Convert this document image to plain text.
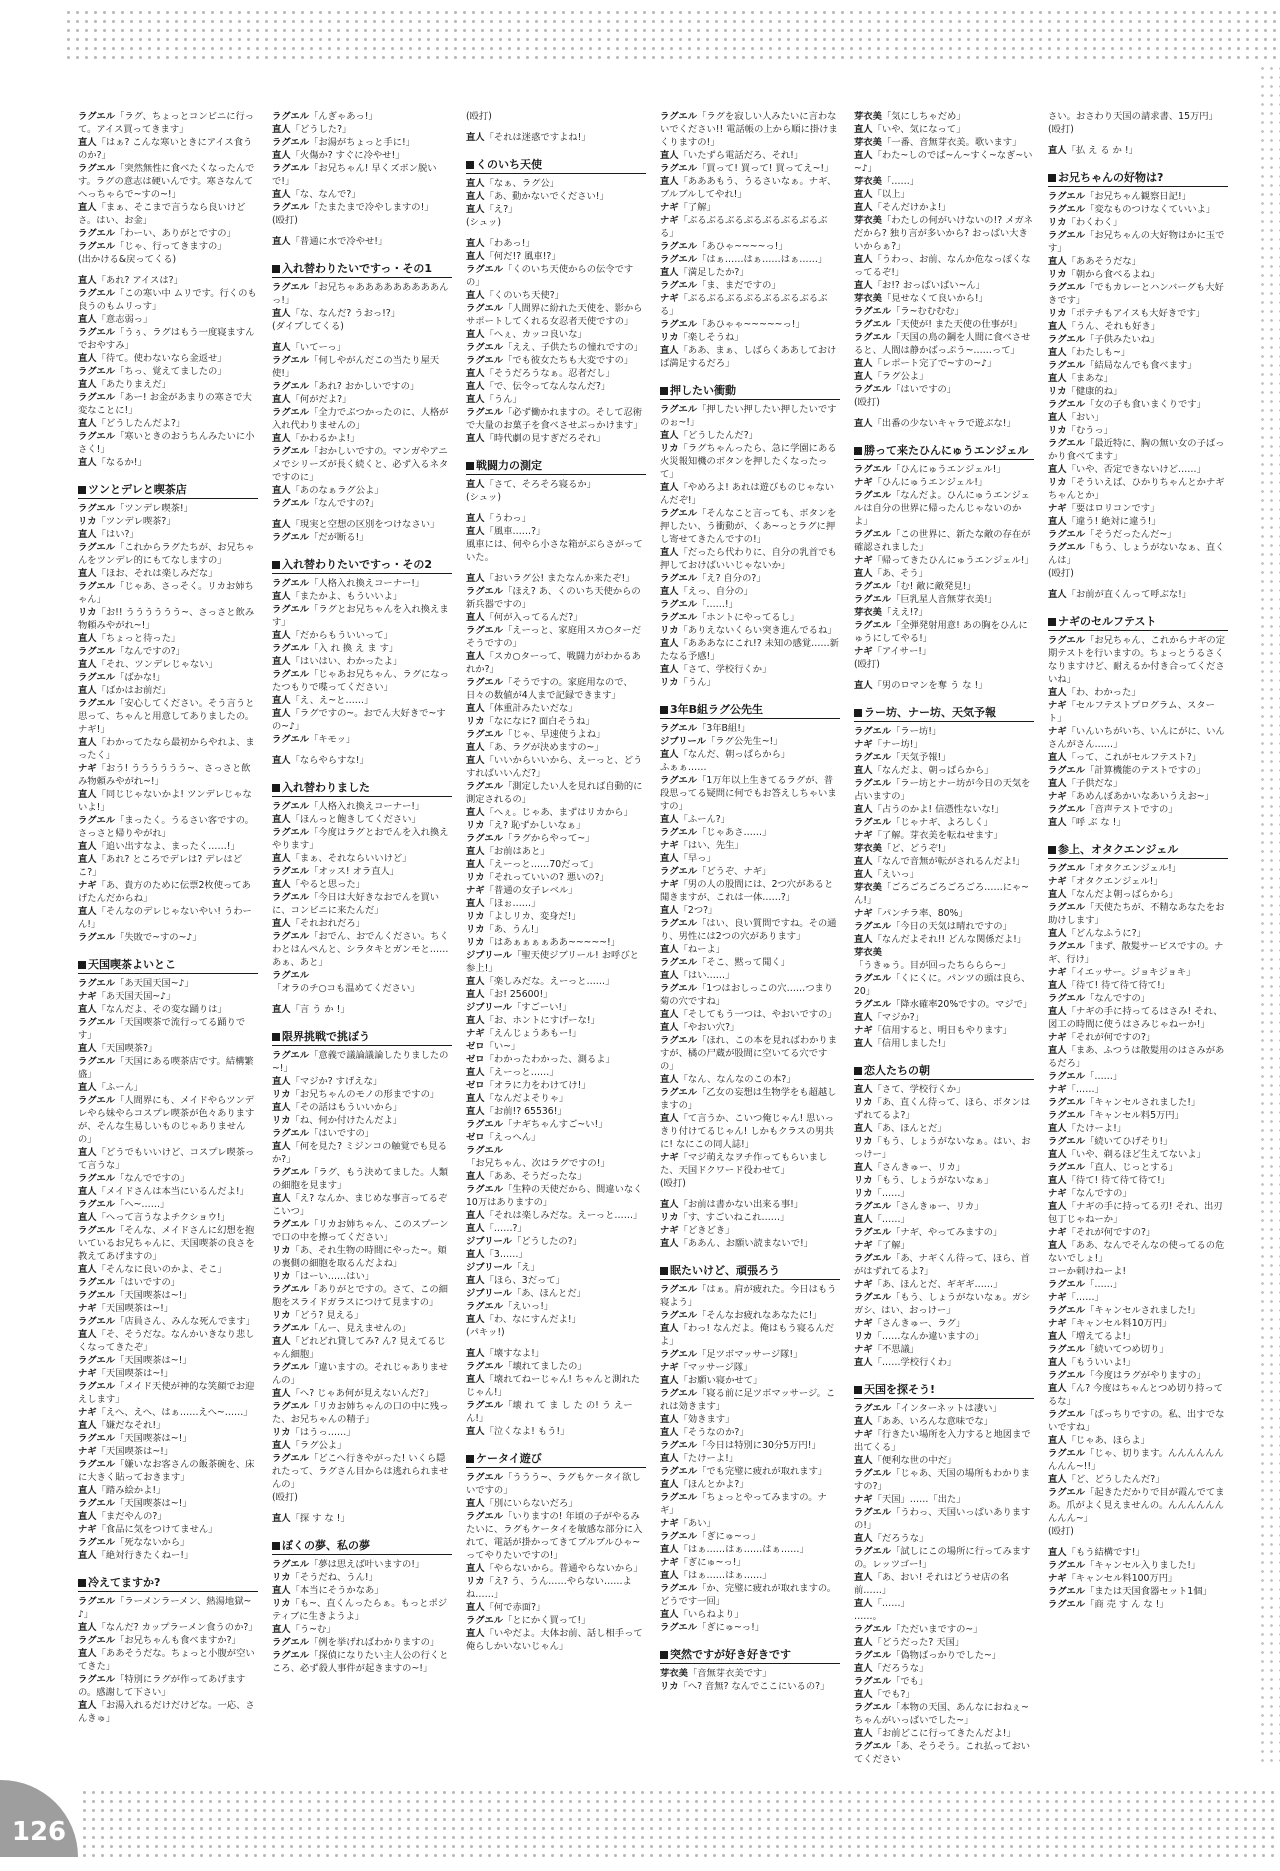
ラグエル「ラグ、ちょっとコンビニに行って。アイス買ってきます」

直人「はぁ? こんな寒いときにアイス食うのか?」

ラグエル「突然無性に食べたくなったんです。ラグの意志は硬いんです。寒さなんてへっちゃらで~すの~!」

直人「まぁ、そこまで言うなら良いけどさ。はい、お金」

ラグエル「わーい、ありがとですの」

ラグエル「じゃ、行ってきますの」

(出かける&戻ってくる)

直人「あれ? アイスは?」

ラグエル「この寒い中 ムリです。行くのも良うのもムリっす」

直人「意志弱っ」

ラグエル「うぅ、ラグはもう一度寝ますんでおやすみ」

直人「待て。使わないなら金返せ」

ラグエル「ちっ、覚えてましたの」

直人「あたりまえだ」

ラグエル「あー! お金があまりの寒さで大変なことに!」

直人「どうしたんだよ?」

ラグエル「寒いときのおうちんみたいに小さく!」

直人「なるか!」

ツンとデレと喫茶店

ラグエル「ツンデレ喫茶!」

リカ「ツンデレ喫茶?」

直人「はい?」

ラグエル「これからラグたちが、お兄ちゃんをツンデレ的にもてなしますの」

直人「ほお、それは楽しみだな」

ラグエル「じゃあ、さっそく。リカお姉ちゃん」

リカ「お!! うううううう~、さっさと飲み物頼みやがれ~!」

直人「ちょっと待った」

ラグエル「なんですの?」

直人「それ、ツンデレじゃない」

ラグエル「ばかな!」

直人「ばかはお前だ」

ラグエル「安心してください。そう言うと思って、ちゃんと用意してありましたの。ナギ!」

直人「わかってたなら最初からやれよ、まったく」

ナギ「おう! うううううう~、さっさと飲み物頼みやがれ~!」

直人「同じじゃないかよ! ツンデレじゃないよ!」

ラグエル「まったく。うるさい客ですの。さっさと帰りやがれ」

直人「追い出すなよ、まったく……!」

直人「あれ? ところでデレは? デレはどこ?」

ナギ「あ、貴方のために伝票2枚使ってあげたんだからね」

直人「そんなのデレじゃないやい! うわーん!」

ラグエル「失敗で~すの~♪」

天国喫茶よいとこ

ラグエル「あ天国天国~♪」

ナギ「あ天国天国~♪」

直人「なんだよ、その変な踊りは」

ラグエル「天国喫茶で流行ってる踊りです」

直人「天国喫茶?」

ラグエル「天国にある喫茶店です。結構繁盛」

直人「ふーん」

ラグエル「人間界にも、メイドやらツンデレやら妹やらコスプレ喫茶が色々ありますが、そんな生易しいものじゃありませんの」

直人「どうでもいいけど、コスプレ喫茶って言うな」

ラグエル「なんでですの」

直人「メイドさんは本当にいるんだよ!」

ラグエル「へ~……」

直人「へって言うなよチクショウ!」

ラグエル「そんな、メイドさんに幻想を抱いているお兄ちゃんに、天国喫茶の良さを教えてあげますの」

直人「そんなに良いのかよ、そこ」

ラグエル「はいですの」

ラグエル「天国喫茶は~!」

ナギ「天国喫茶は~!」

ラグエル「店員さん、みんな死んでます」

直人「そ、そうだな。なんかいきなり悲しくなってきたぞ」

ラグエル「天国喫茶は~!」

ナギ「天国喫茶は~!」

ラグエル「メイド天使が神的な笑顔でお迎えします」

ナギ「えへ、えへ、はぁ……えへ~……」

直人「嫌だなそれ!」

ラグエル「天国喫茶は~!」

ナギ「天国喫茶は~!」

ラグエル「嫌いなお客さんの飯茶碗を、床に大きく貼っておきます」

直人「踏み絵かよ!」

ラグエル「天国喫茶は~!」

直人「まだやんの?」

ナギ「食品に気をつけてません」

ラグエル「死なないから」

直人「絶対行きたくねー!」

冷えてますか?

ラグエル「ラーメンラーメン、熱湯地獄~♪」

直人「なんだ? カップラーメン食うのか?」

ラグエル「お兄ちゃんも食べますか?」

直人「ああそうだな。ちょっと小腹が空いてきた」

ラグエル「特別にラグが作ってあげますの。感謝して下さい」

直人「お湯入れるだけだけどな。一応、さんきゅ」

ラグエル「んぎゃあっ!」

直人「どうした?」

ラグエル「お湯がちょっと手に!」

直人「火傷か? すぐに冷やせ!」

ラグエル「お兄ちゃん! 早くズボン脱いで!」

直人「な、なんで?」

ラグエル「たまたまで冷やしますの!」

(殴打)

直人「普通に水で冷やせ!」

入れ替わりたいですっ・その1

ラグエル「お兄ちゃあああああああああんっ!」

直人「な、なんだ? うおっ!?」

(ダイブしてくる)

直人「いてーっ」

ラグエル「何しやがんだこの当たり屋天使!」

ラグエル「あれ? おかしいですの」

直人「何がだよ?」

ラグエル「全力でぶつかったのに、人格が入れ代わりませんの」

直人「かわるかよ!」

ラグエル「おかしいですの。マンガやアニメでシリーズが長く続くと、必ず入るネタですのに」

直人「あのなぁラグ公よ」

ラグエル「なんですの?」

直人「現実と空想の区別をつけなさい」

ラグエル「だが断る!」

入れ替わりたいですっ・その2

ラグエル「人格入れ換えコーナー!」

直人「またかよ、もういいよ」

ラグエル「ラグとお兄ちゃんを入れ換えます」

直人「だからもういいって」

ラグエル「入 れ 換 え ま す」

直人「はいはい、わかったよ」

ラグエル「じゃあお兄ちゃん、ラグになったつもりで喋ってください」

直人「え、え~と……」

直人「ラグですの~。おでん大好きで~すの~♪」

ラグエル「キモッ」

直人「ならやらすな!」

入れ替わりました

ラグエル「人格入れ換えコーナー!」

直人「ほんっと飽きしてください」

ラグエル「今度はラグとおでんを入れ換えやります」

直人「まぁ、それならいいけど」

ラグエル「オッス! オラ直人」

直人「やると思った」

ラグエル「今日は大好きなおでんを買いに、コンビニに来たんだ」

直人「それおれだろ」

ラグエル「おでん、おでんください。ちくわとはんぺんと、シラタキとガンモと……あぁ、あと」

ラグエル「オラのチ○コも温めてください」

直人「言 う か !」

限界挑戦で挑ぼう

ラグエル「意義で議論議論したりましたの~!」

直人「マジか? すげえな」

リカ「お兄ちゃんのモノの形まですの」

直人「その話はもういいから」

リカ「ね、何か付けたんだよ」

ラグエル「はいですの」

直人「何を見た? ミジンコの触覚でも見るか?」

ラグエル「ラグ、もう決めてました。人類の細胞を見ます」

直人「え? なんか、まじめな事言ってるぞこいつ」

ラグエル「リカお姉ちゃん、このスプーンで口の中を擦ってください」

リカ「あ、それ生物の時間にやった~。頬の裏側の細胞を取るんだよね」

リカ「はーい……はい」

ラグエル「ありがとですの。さて、この細胞をスライドガラスにつけて見ますの」

リカ「どう? 見える」

ラグエル「んー、見えませんの」

直人「どれどれ貸してみ? ん? 見えてるじゃん細胞」

ラグエル「違いますの。それじゃありませんの」

直人「へ? じゃあ何が見えないんだ?」

ラグエル「リカお姉ちゃんの口の中に残った、お兄ちゃんの精子」

リカ「はうっ……」

直人「ラグ公よ」

ラグエル「どこへ行きやがった! いくら隠れたって、ラグさん目からは逃れられませんの」

(殴打)

直人「探 す な !」

ぼくの夢、私の夢

ラグエル「夢は思えば叶いますの!」

リカ「そうだね、うん!」

直人「本当にそうかなあ」

リカ「も~、直くんったらぁ。もっとポジティブに生きようよ」

直人「う~む」

ラグエル「例を挙げればわかりますの」

ラグエル「探偵になりたい主人公の行くところ、必ず殺人事件が起きますの~!」

(殴打)

直人「それは迷惑ですよね!」

くのいち天使

直人「なぁ、ラグ公」

直人「あ、動かないでください!」

直人「え?」

(シュッ)

直人「わあっ!」

直人「何だ!? 風車!?」

ラグエル「くのいち天使からの伝令ですの」

直人「くのいち天使?」

ラグエル「人間界に紛れた天使を、影からサポートしてくれる女忍者天使ですの」

直人「へぇ、カッコ良いな」

ラグエル「ええ、子供たちの憧れですの」

ラグエル「でも彼女たちも大変ですの」

直人「そうだろうなぁ。忍者だし」

直人「で、伝令ってなんなんだ?」

直人「うん」

ラグエル「必ず働かれますの。そして忍術で大量のお菓子を食べさせぶっかけます」

直人「時代劇の見すぎだろそれ」

戦闘力の測定

直人「さて、そろそろ寝るか」

(シュッ)

直人「うわっ」

直人「風車……?」

風車には、何やら小さな箱がぶらさがっていた。

直人「おいラグ公! またなんか来たぞ!」

ラグエル「ほえ? あ、くのいち天使からの新兵器ですの」

直人「何が入ってるんだ?」

ラグエル「えーっと、家庭用スカ○ターだそうですの」

直人「スカ○ターって、戦闘力がわかるあれか?」

ラグエル「そうですの。家庭用なので、日々の数値が4人まで記録できます」

直人「体重計みたいだな」

リカ「なになに? 面白そうね」

ラグエル「じゃ、早速使うよね」

直人「あ、ラグが決めますの~」

直人「いいからいいから、えーっと、どうすればいいんだ?」

ラグエル「測定したい人を見れば自動的に測定されるの」

直人「へぇ。じゃあ、まずはリカから」

リカ「え? 恥ずかしいなぁ」

ラグエル「ラグからやって~」

直人「お前はあと」

直人「えーっと……70だって」

リカ「それっていいの? 悪いの?」

ナギ「普通の女子レベル」

直人「ほぉ……」

リカ「よしリカ、変身だ!」

リカ「あ、うん!」

リカ「はあぁぁぁぁああ~~~~~!」

ジブリール「聖天使ジブリール! お呼びと参上!」

直人「楽しみだな。えーっと……」

直人「お! 25600!」

ジブリール「すごーい!」

直人「お、ホントにすげーな!」

ナギ「えんじょうあもー!」

ゼロ「い~」

ゼロ「わかったわかった、測るよ」

直人「えーっと……」

ゼロ「オラに力をわけてけ!」

直人「なんだよそりゃ」

直人「お前!? 65536!」

ラグエル「ナギちゃんすご~い!」

ゼロ「えっへん」

ラグエル「お兄ちゃん、次はラグですの!」

直人「ああ、そうだったな」

ラグエル「生粋の天使だから、間違いなく10万はありますの」

直人「それは楽しみだな。えーっと……」

直人「……?」

ジブリール「どうしたの?」

直人「3……」

ジブリール「え」

直人「ほら、3だって」

ジブリール「あ、ほんとだ」

ラグエル「えいっ!」

直人「わ、なにすんだよ!」

(パキッ!)

直人「壊すなよ!」

ラグエル「壊れてましたの」

直人「壊れてねーじゃん! ちゃんと測れたじゃん!」

ラグエル「壊 れ て ま し た の! う えーん!」

直人「泣くなよ! もう!」

ケータイ遊び

ラグエル「ううう~、ラグもケータイ欲しいですの」

直人「別にいらないだろ」

ラグエル「いりますの! 年頃の子がやるみたいに、ラグもケータイを敏感な部分に入れて、電話が掛かってきてブルブルひゃ~ってやりたいですの!」

直人「やらないから。普通やらないから」

リカ「え? う、うん……やらない……よね……」

直人「何で赤面?」

ラグエル「とにかく買って!」

直人「いやだよ。大体お前、話し相手って俺らしかいないじゃん」

ラグエル「ラグを寂しい人みたいに言わないでください!! 電話帳の上から順に掛けまくりますの!」

直人「いたずら電話だろ、それ!」

ラグエル「買って! 買って! 買ってえ~!」

直人「あああもう、うるさいなぁ。ナギ、ブルブルしてやれ!」

ナギ「了解」

ナギ「ぶるぶるぶるぶるぶるぶるぶるぶる」

ラグエル「あひゃ~~~~っ!」

ラグエル「はぁ……はぁ……はぁ……」

直人「満足したか?」

ラグエル「ま、まだですの」

ナギ「ぶるぶるぶるぶるぶるぶるぶるぶる」

ラグエル「あひゃゃ~~~~~っ!」

リカ「楽しそうね」

直人「ああ、まぁ、しばらくああしておけば満足するだろ」

押したい衝動

ラグエル「押したい押したい押したいですのぉ~!」

直人「どうしたんだ?」

リカ「ラグちゃんったら、急に学園にある火災報知機のボタンを押したくなったって」

直人「やめろよ! あれは遊びものじゃないんだぞ!」

ラグエル「そんなこと言っても、ボタンを押したい、う衝動が、くあ~っとラグに押し寄せてきたんですの!」

直人「だったら代わりに、自分の乳首でも押しておけばいいじゃないか」

ラグエル「え? 自分の?」

直人「えっ、自分の」

ラグエル「……!」

ラグエル「ホントにやってるし」

リカ「ありえないくらい突き進んでるね」

直人「あああなにこれ!? 未知の感覚……新たなる予感!」

直人「さて、学校行くか」

リカ「うん」

3年B組ラグ公先生

ラグエル「3年B組!」

ジブリール「ラグ公先生~!」

直人「なんだ、朝っぱらから」

ふぁぁ……

ラグエル「1万年以上生きてるラグが、普段思ってる疑問に何でもお答えしちゃいますの」

直人「ふーん?」

ラグエル「じゃあさ……」

ナギ「はい、先生」

直人「早っ」

ラグエル「どうぞ、ナギ」

ナギ「男の人の股間には、2つ穴があると聞きますが、これは一体……?」

直人「2つ?」

ラグエル「はい、良い質問ですね。その通り、男性には2つの穴があります」

直人「ねーよ」

ラグエル「そこ、黙って聞く」

直人「はい……」

ラグエル「1つはおしっこの穴……つまり菊の穴ですね」

直人「そしてもう一つは、やおいですの」

直人「やおい穴?」

ラグエル「ほれ、この本を見ればわかりますが、橘の尸蔵が股間に空いてる穴ですの」

直人「なん、なんなのこの本?」

ラグエル「乙女の妄想は生物学をも超越しますの」

直人「て言うか、こいつ俺じゃん! 思いっきり付けてるじゃん! しかもクラスの男共に! なにこの同人誌!」

ナギ「マジ萌えなヲチ作ってもらいました、天国ドクワード役わせて」

(殴打)

直人「お前は書かない出来る事!」

リカ「す、すごいねこれ……」

ナギ「どきどき」

直人「ああん、お願い読まないで!」

眠たいけど、頑張ろう

ラグエル「はぁ。肩が疲れた。今日はもう寝よう」

ラグエル「そんなお疲れなあなたに!」

直人「わっ! なんだよ。俺はもう寝るんだよ」

ラグエル「足ツボマッサージ隊!」

ナギ「マッサージ隊」

直人「お願い寝かせて」

ラグエル「寝る前に足ツボマッサージ。これは効きます」

直人「効きます」

直人「そうなのか?」

ラグエル「今日は特別に30分5万円!」

直人「たけーよ!」

ラグエル「でも完璧に疲れが取れます」

直人「ほんとかよ?」

ラグエル「ちょっとやってみますの。ナギ」

ナギ「あい」

ラグエル「ぎにゅ~っ」

直人「はぁ……はぁ……はぁ……」

ナギ「ぎにゅ~っ!」

直人「はぁ……はぁ……」

ラグエル「か、完璧に疲れが取れますの。どうです一回」

直人「いらねより」

ラグエル「ぎにゅ~っ!」

突然ですが好き好きです

芽衣美「音無芽衣美です」

リカ「へ? 音無? なんでここにいるの?」

芽衣美「気にしちゃだめ」

直人「いや、気になって」

芽衣美「一番、音無芽衣美。歌います」

直人「わた~しのでぱ~ん~すく~なぎ~い~♪」

芽衣美「……」

直人「以上」

直人「そんだけかよ!」

芽衣美「わたしの何がいけないの!? メガネだから? 独り言が多いから? おっぱい大きいからぁ?」

直人「うわっ、お前、なんか危なっぽくなってるぞ!」

直人「お!? おっぱいぱい~ん」

芽衣美「見せなくて良いから!」

ラグエル「ラ~むむむむ」

ラグエル「天使が! また天使の仕事が!」

ラグエル「天国の鳥の鋼を人間に食べさせると、人間は静かばっぷう~……って」

直人「レポート完了で~すの~♪」

直人「ラグ公よ」

ラグエル「はいですの」

(殴打)

直人「出番の少ないキャラで遊ぶな!」

勝って来たひんにゅうエンジェル

ラグエル「ひんにゅうエンジェル!」

ナギ「ひんにゅうエンジェル!」

ラグエル「なんだよ。ひんにゅうエンジェルは自分の世界に帰ったんじゃないのかよ」

ラグエル「この世界に、新たな敵の存在が確認されました」

ナギ「帰ってきたひんにゅうエンジェル!」

直人「あ、そう」

ラグエル「む! 敵に敵発見!」

ラグエル「巨乳星人音無芽衣美!」

芽衣美「ええ!?」

ラグエル「全弾発射用意! あの胸をひんにゅうにしてやる!」

ナギ「アイサー!」

(殴打)

直人「男のロマンを奪 う な !」

ラー坊、ナー坊、天気予報

ラグエル「ラー坊!」

ナギ「ナー坊!」

ラグエル「天気予報!」

直人「なんだよ、朝っぱらから」

ラグエル「ラー坊とナー坊が今日の天気を占いますの」

直人「占うのかよ! 信憑性ないな!」

ラグエル「じゃナギ、よろしく」

ナギ「了解。芽衣美を転ねせます」

芽衣美「ど、どうぞ!」

直人「なんで音無が転がされるんだよ!」

直人「えいっ」

芽衣美「ごろごろごろごろごろ……にゃ~ん!」

ナギ「パンチラ率、80%」

ラグエル「今日の天気は晴れですの」

直人「なんだよそれ!! どんな関係だよ!」

芽衣美「うきゅう。目が回ったちららら~」

ラグエル「くにくに。パンツの頭は良ら、20」

ラグエル「降水確率20%ですの。マジで」

直人「マジか?」

ナギ「信用すると、明日もやります」

直人「信用しました!」

恋人たちの朝

直人「さて、学校行くか」

リカ「あ、直くん待って、ほら、ボタンはずれてるよ?」

直人「あ、ほんとだ」

リカ「もう、しょうがないなぁ。はい、おっけー」

直人「さんきゅー、リカ」

リカ「もう、しょうがないなぁ」

リカ「……」

ラグエル「さんきゅー、リカ」

直人「……」

ラグエル「ナギ、やってみますの」

ナギ「了解」

ラグエル「あ、ナギくん待って、ほら、首がはずれてるよ?」

ナギ「あ、ほんとだ、ギギギ……」

ラグエル「もう、しょうがないなぁ。ガシガシ、はい、おっけー」

ナギ「さんきゅー、ラグ」

リカ「……なんか違いますの」

ナギ「不思議」

直人「……学校行くわ」

天国を探そう!

ラグエル「インターネットは凄い」

直人「ああ、いろんな意味でな」

ナギ「行きたい場所を入力すると地図まで出てくる」

直人「便利な世の中だ」

ラグエル「じゃあ、天国の場所もわかりますの?」

ナギ「天国」……「出た」

ラグエル「うわっ、天国いっぱいありますの!」

直人「だろうな」

ラグエル「試しにこの場所に行ってみますの。レッツゴー!」

直人「あ、おい! それはどうせ店の名前……」

直人「……」

……。

ラグエル「ただいまですの~」

直人「どうだった? 天国」

ラグエル「偽物ばっかりでした~」

直人「だろうな」

ラグエル「でも」

直人「でも?」

ラグエル「本物の天国、あんなにおねぇ~ちゃんがいっぱいでした~」

直人「お前どこに行ってきたんだよ!」

ラグエル「あ、そうそう。これ払っておいてください

さい。おさわり天国の請求書、15万円」

(殴打)

直人「払 え る か !」

お兄ちゃんの好物は?

ラグエル「お兄ちゃん観察日記!」

ラグエル「変なものつけなくていいよ」

リカ「わくわく」

ラグエル「お兄ちゃんの大好物はかに玉です」

直人「ああそうだな」

リカ「朝から食べるよね」

ラグエル「でもカレーとハンバーグも大好きです」

リカ「ポテチもアイスも大好きです」

直人「うん、それも好き」

ラグエル「子供みたいね」

直人「わたしも~」

ラグエル「結局なんでも食べます」

直人「まあな」

リカ「健康的ね」

ラグエル「女の子も食いまくりです」

直人「おい」

リカ「むうっ」

ラグエル「最近特に、胸の無い女の子ばっかり食べてます」

直人「いや、否定できないけど……」

リカ「そういえば、ひかりちゃんとかナギちゃんとか」

ナギ「要はロリコンです」

直人「違う! 絶対に違う!」

ラグエル「そうだったんだ~」

ラグエル「もう、しょうがないなぁ、直くんは」

(殴打)

直人「お前が直くんって呼ぶな!」

ナギのセルフテスト

ラグエル「お兄ちゃん、これからナギの定期テストを行いますの。ちょっとうるさくなりますけど、耐えるか付き合ってくださいね」

直人「わ、わかった」

ナギ「セルフテストプログラム、スタート」

ナギ「いんいちがいち、いんにがに、いんさんがさん……」

直人「って、これがセルフテスト?」

ラグエル「計算機能のテストですの」

直人「子供だな」

ナギ「あめんぼあかいなあいうえお~」

ラグエル「音声テストですの」

直人「呼 ぶ な !」

参上、オタクエンジェル

ラグエル「オタクエンジェル!」

ナギ「オタクエンジェル!」

直人「なんだよ朝っぱらから」

ラグエル「天使たちが、不精なあなたをお助けします」

直人「どんなふうに?」

ラグエル「まず、散髪サービスですの。ナギ、行け」

ナギ「イエッサー。ジョキジョキ」

直人「待て! 待て待て待て!」

ラグエル「なんですの」

直人「ナギの手に持ってるはさみ! それ、図工の時間に使うはさみじゃねーか!」

ナギ「それが何ですの?」

直人「まあ、ふつうは散髪用のはさみがあるだろ」

ラグエル「……」

ナギ「……」

ラグエル「キャンセルされました!」

ラグエル「キャンセル料5万円」

直人「たけーよ!」

ラグエル「続いてひげそり!」

直人「いや、剃るほど生えてないよ」

ラグエル「直人、じっとする」

直人「待て! 待て待て待て!」

ナギ「なんですの」

直人「ナギの手に持ってる刃! それ、出刃包丁じゃねーか」

ナギ「それが何ですの?」

直人「ああ、なんでそんなの使ってるの危ないでしょ!」

コーか刺けねーよ!

ラグエル「……」

ナギ「……」

ラグエル「キャンセルされました!」

ナギ「キャンセル料10万円」

直人「増えてるよ!」

ラグエル「続いてつめ切り」

直人「もういいよ!」

ラグエル「今度はラグがやりますの」

直人「ん? 今度はちゃんとつめ切り持ってるな」

ラグエル「ぱっちりですの。私、出すでないですね」

直人「じゃあ、ほらよ」

ラグエル「じゃ、切ります。んんんんんんんんん~!!」

直人「ど、どうしたんだ?」

ラグエル「起きただかりで目が霞んでてまあ。爪がよく見えませんの。んんんんんんんんん~」

(殴打)

直人「もう結構です!」

ラグエル「キャンセル入りました!」

ナギ「キャンセル料100万円」

ラグエル「または天国食器セット1個」

ラグエル「商 売 す ん な !」

126
